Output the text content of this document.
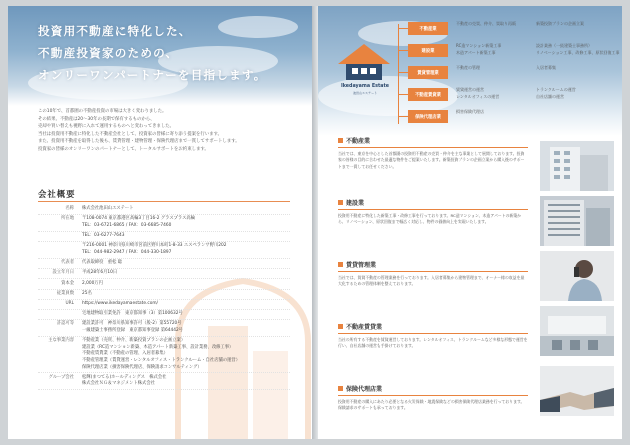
投資用不動産に特化した、
不動産投資家のための、
オンリーワンパートナーを目指します。

この10年で、首都圏の不動産投資の市場は大きく変わりました。

その結果、不動産は20〜30年の長期で保有するものから、

売却や買い替えも視野に入れて運用するものへと変わってきました。

当社は投資用不動産に特化した不動産会社として、投資家の皆様に寄り添う提案を行います。

また、投資用不動産を取得した後も、賃貸管理・建物管理・保険代理店まで一貫してサポートします。

投資家の皆様のオンリーワンのパートナーとして、トータルサポートをお約束します。

会社概要
名称	株式会社池田山エステート
所在地	〒108-0074 東京都港区高輪3丁目16-2 グラスプラス高輪
TEL：03-6721-6865 / FAX：03-6685-7460
TEL：03-6277-7643
〒216-0001 神奈川県川崎市宮前区野川本町1-8-33 エスペランサ野川202
TEL：044-982-2947 / FAX：044-330-1897
代表者	代表取締役　重松 聡
設立年月日	平成28年6月10日
資本金	2,000万円
従業員数	25名
URL	https://www.ikedayamaestate.com/
宅地建物取引業免許　東京都知事（3）第100632号
許認可等	建設業許可　神奈川県知事許可（般-2）第55720号
一級建築士事務所登録　東京都知事登録 第64442号
主な事業内容	不動産業（売買、仲介、新築投資プランの企画立案）
建設業（RC造マンション新築、木造アパート新築工事、設計業務、改修工事）
不動産賃貸業（不動産の管理、入居者募集）
不動産管理業（賃貸運営・レンタルオフィス・トランクルーム・自社店舗の運営）
保険代理店業（損害保険代理店、保険請求コンサルティング）
グループ会社	松輝(まつてる)ホールディングス　株式会社
株式会社ＮＧ＆マネジメント株式会社
Ikedayama Estate
池田山エステート
不動産業
不動産の売買、仲介、買取り再販	新築投資プランの企画立案
建設業
RC造マンション新築工事	設計業務（一級建築士事務所）木造アパート新築工事	リノベーション工事、改修工事、原状回復工事
賃貸管理業
不動産の管理	入居者募集
不動産賃貸業
賃貸運営の運営	トランクルームの運営レンタルオフィスの運営	自社店舗の運営
保険代理店業
損害保険代理店
不動産業
当社では、東京を中心とした首都圏の投資用不動産の売買・仲介を主な事業として展開しております。投資家の皆様の目的に合わせた最適な物件をご提案いたします。新築投資プランの企画立案から購入後のサポートまで一貫してお任せください。
建設業
投資用不動産に特化した新築工事・改修工事を行っております。RC造マンション、木造アパートの新築から、リノベーション、原状回復まで幅広く対応し、物件の価値向上を実現いたします。
賃貸管理業
当社では、賃貸不動産の管理業務を行っております。入居者募集から建物管理まで、オーナー様の収益を最大化するための管理体制を整えております。
不動産賃貸業
当社の所有する不動産を賃貸運営しております。レンタルオフィス、トランクルームなど多様な形態で運営を行い、自社店舗の運営も手掛けております。
保険代理店業
投資用不動産の購入にあたり必要となる火災保険・地震保険などの損害保険代理店業務を行っております。保険請求のサポートも承っております。
